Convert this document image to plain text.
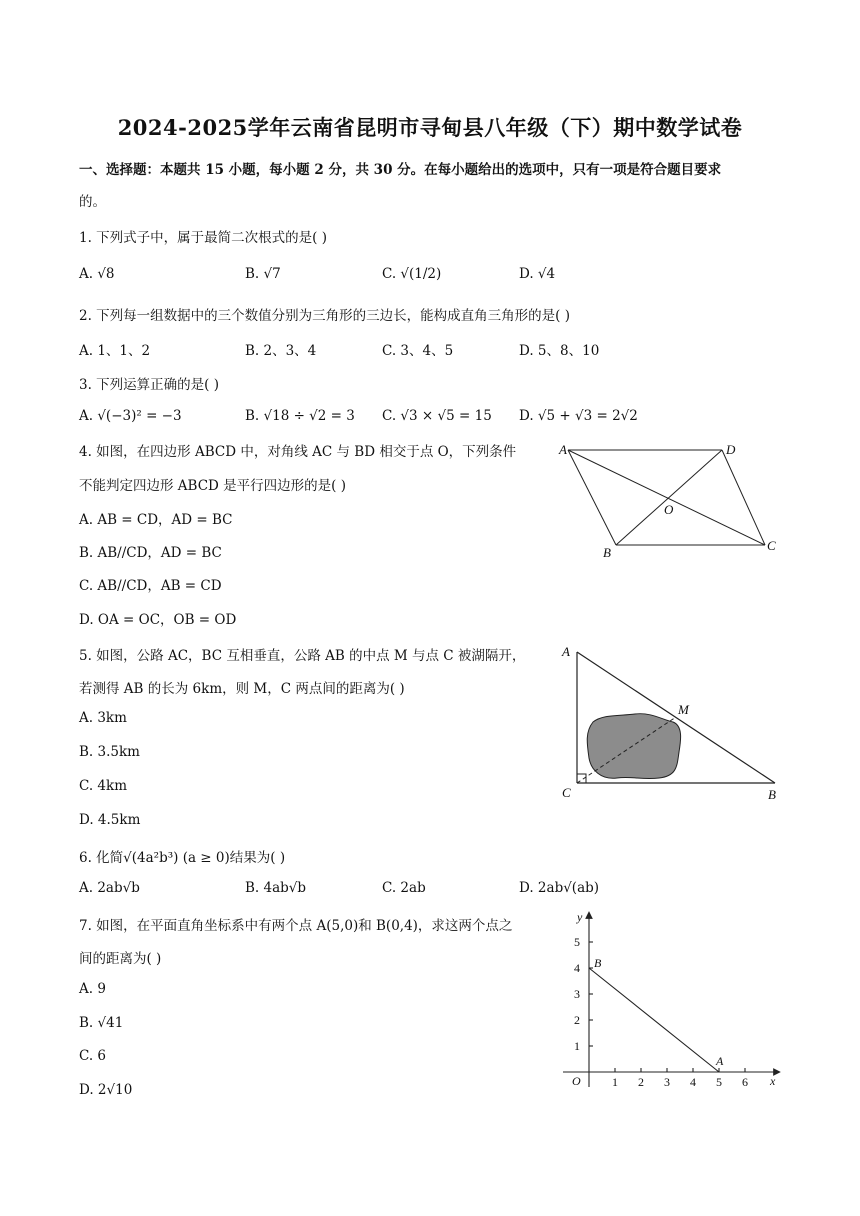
2024-2025学年云南省昆明市寻甸县八年级（下）期中数学试卷
一、选择题：本题共 15 小题，每小题 2 分，共 30 分。在每小题给出的选项中，只有一项是符合题目要求
的。
1. 下列式子中，属于最简二次根式的是( )
A. √8	B. √7	C. √(1/2)	D. √4
2. 下列每一组数据中的三个数值分别为三角形的三边长，能构成直角三角形的是( )
A. 1、1、2	B. 2、3、4	C. 3、4、5	D. 5、8、10
3. 下列运算正确的是( )
A. √(−3)² = −3	B. √18 ÷ √2 = 3 C. √3 × √5 = 15 D. √5 + √3 = 2√2
4. 如图，在四边形 ABCD 中，对角线 AC 与 BD 相交于点 O，下列条件
不能判定四边形 ABCD 是平行四边形的是( )
A. AB = CD，AD = BC
B. AB//CD，AD = BC
C. AB//CD，AB = CD
D. OA = OC，OB = OD
A	D
B	C
O
5. 如图，公路 AC，BC 互相垂直，公路 AB 的中点 M 与点 C 被湖隔开，
若测得 AB 的长为 6km，则 M，C 两点间的距离为( )
A. 3km
B. 3.5km
C. 4km
D. 4.5km
A
C	B
M
6. 化简√(4a²b³) (a ≥ 0)结果为( )
A. 2ab√b	B. 4ab√b	C. 2ab	D. 2ab√(ab)
7. 如图，在平面直角坐标系中有两个点 A(5,0)和 B(0,4)，求这两个点之
间的距离为( )
A. 9
B. √41
C. 6
D. 2√10
O	x
y
B
A
1 2 3 4 5 6
1
2
3
4
5
